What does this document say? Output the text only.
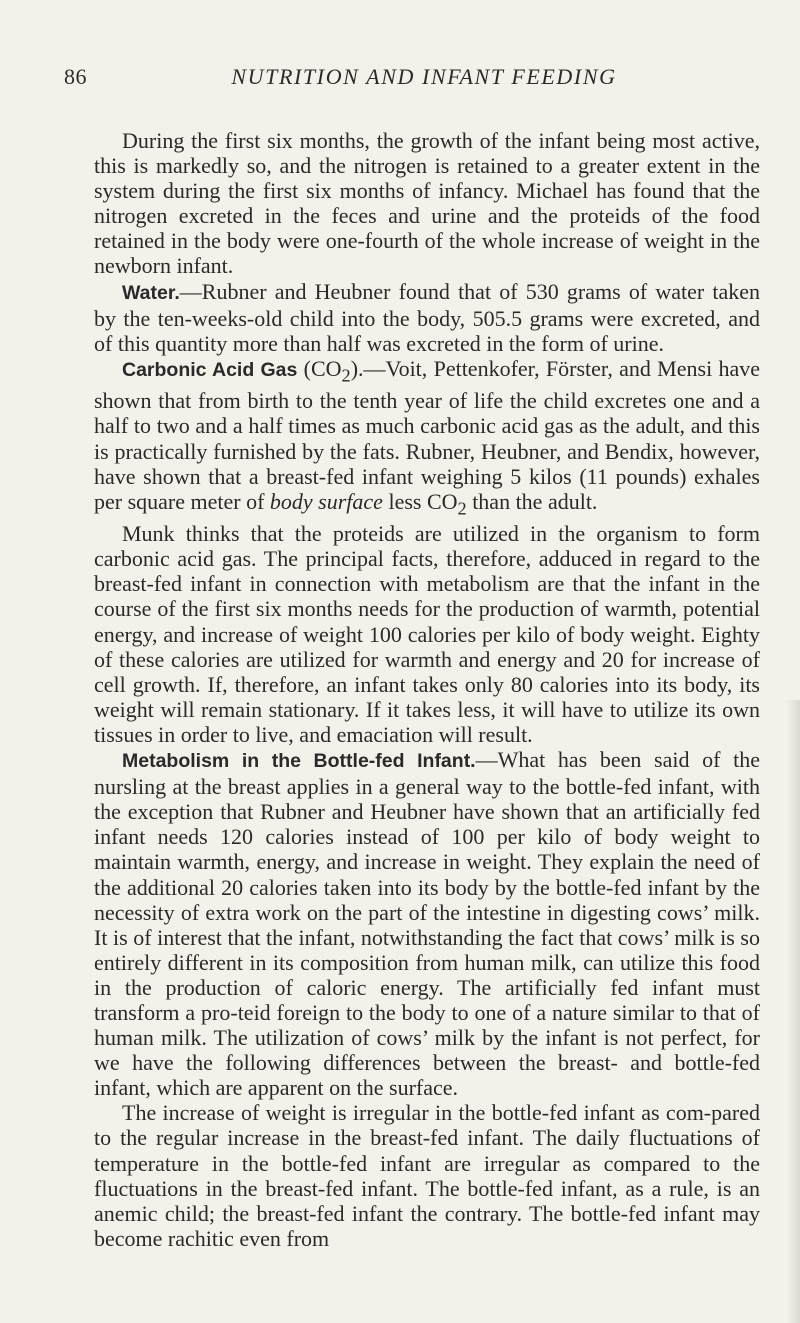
86	NUTRITION AND INFANT FEEDING

During the first six months, the growth of the infant being most active, this is markedly so, and the nitrogen is retained to a greater extent in the system during the first six months of infancy. Michael has found that the nitrogen excreted in the feces and urine and the proteids of the food retained in the body were one-fourth of the whole increase of weight in the newborn infant.

Water.—Rubner and Heubner found that of 530 grams of water taken by the ten-weeks-old child into the body, 505.5 grams were excreted, and of this quantity more than half was excreted in the form of urine.

Carbonic Acid Gas $(CO_2).—Voit$, Pettenkofer, Förster, and Mensi have shown that from birth to the tenth year of life the child excretes one and a half to two and a half times as much carbonic acid gas as the adult, and this is practically furnished by the fats. Rubner, Heubner, and Bendix, however, have shown that a breast-fed infant weighing 5 kilos (11 pounds) exhales per square meter of body surface less $CO_2$ than the adult.

Munk thinks that the proteids are utilized in the organism to form carbonic acid gas. The principal facts, therefore, adduced in regard to the breast-fed infant in connection with metabolism are that the infant in the course of the first six months needs for the production of warmth, potential energy, and increase of weight 100 calories per kilo of body weight. Eighty of these calories are utilized for warmth and energy and 20 for increase of cell growth. If, therefore, an infant takes only 80 calories into its body, its weight will remain stationary. If it takes less, it will have to utilize its own tissues in order to live, and emaciation will result.

Metabolism in the Bottle-fed Infant.—What has been said of the nursling at the breast applies in a general way to the bottle-fed infant, with the exception that Rubner and Heubner have shown that an artificially fed infant needs 120 calories instead of 100 per kilo of body weight to maintain warmth, energy, and increase in weight. They explain the need of the additional 20 calories taken into its body by the bottle-fed infant by the necessity of extra work on the part of the intestine in digesting cows’ milk. It is of interest that the infant, notwithstanding the fact that cows’ milk is so entirely different in its composition from human milk, can utilize this food in the production of caloric energy. The artificially fed infant must transform a pro-teid foreign to the body to one of a nature similar to that of human milk. The utilization of cows’ milk by the infant is not perfect, for we have the following differences between the breast- and bottle-fed infant, which are apparent on the surface.

The increase of weight is irregular in the bottle-fed infant as com-pared to the regular increase in the breast-fed infant. The daily fluctuations of temperature in the bottle-fed infant are irregular as compared to the fluctuations in the breast-fed infant. The bottle-fed infant, as a rule, is an anemic child; the breast-fed infant the contrary. The bottle-fed infant may become rachitic even from
